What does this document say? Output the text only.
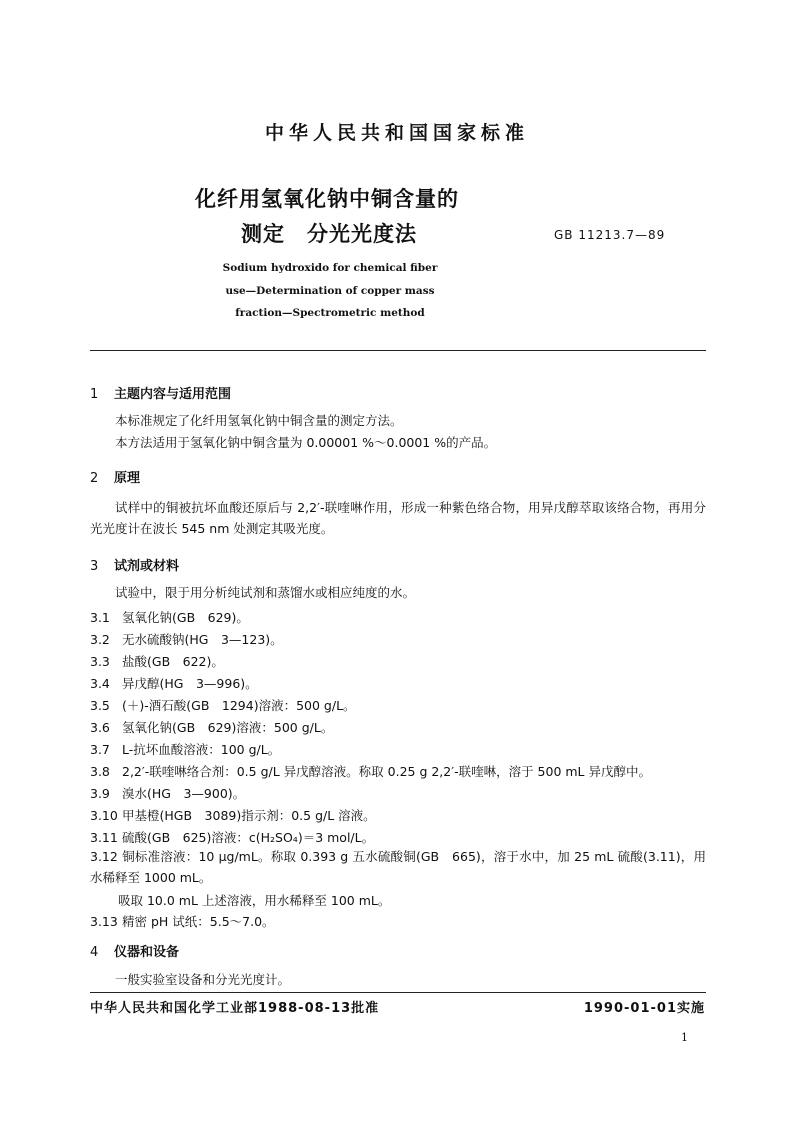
中华人民共和国国家标准
化纤用氢氧化钠中铜含量的
测定　分光光度法	GB 11213.7—89
Sodium hydroxido for chemical fiber
use—Determination of copper mass
fraction—Spectrometric method
1 主题内容与适用范围
本标准规定了化纤用氢氧化钠中铜含量的测定方法。
本方法适用于氢氧化钠中铜含量为 0.00001 %～0.0001 %的产品。
2 原理
试样中的铜被抗坏血酸还原后与 2,2′-联喹啉作用，形成一种紫色络合物，用异戊醇萃取该络合物，再用分光光度计在波长 545 nm 处测定其吸光度。
3 试剂或材料
试验中，限于用分析纯试剂和蒸馏水或相应纯度的水。
3.1 氢氧化钠(GB　629)。
3.2 无水硫酸钠(HG　3—123)。
3.3 盐酸(GB　622)。
3.4 异戊醇(HG　3—996)。
3.5 (＋)-酒石酸(GB　1294)溶液：500 g/L。
3.6 氢氧化钠(GB　629)溶液：500 g/L。
3.7 L-抗坏血酸溶液：100 g/L。
3.8 2,2′-联喹啉络合剂：0.5 g/L 异戊醇溶液。称取 0.25 g 2,2′-联喹啉，溶于 500 mL 异戊醇中。
3.9 溴水(HG　3—900)。
3.10 甲基橙(HGB　3089)指示剂：0.5 g/L 溶液。
3.11 硫酸(GB　625)溶液：c(H₂SO₄)＝3 mol/L。
3.12 铜标准溶液：10 μg/mL。称取 0.393 g 五水硫酸铜(GB　665)，溶于水中，加 25 mL 硫酸(3.11)，用水稀释至 1000 mL。
吸取 10.0 mL 上述溶液，用水稀释至 100 mL。
3.13 精密 pH 试纸：5.5～7.0。
4 仪器和设备
一般实验室设备和分光光度计。
中华人民共和国化学工业部1988-08-13批准	1990-01-01实施
1
